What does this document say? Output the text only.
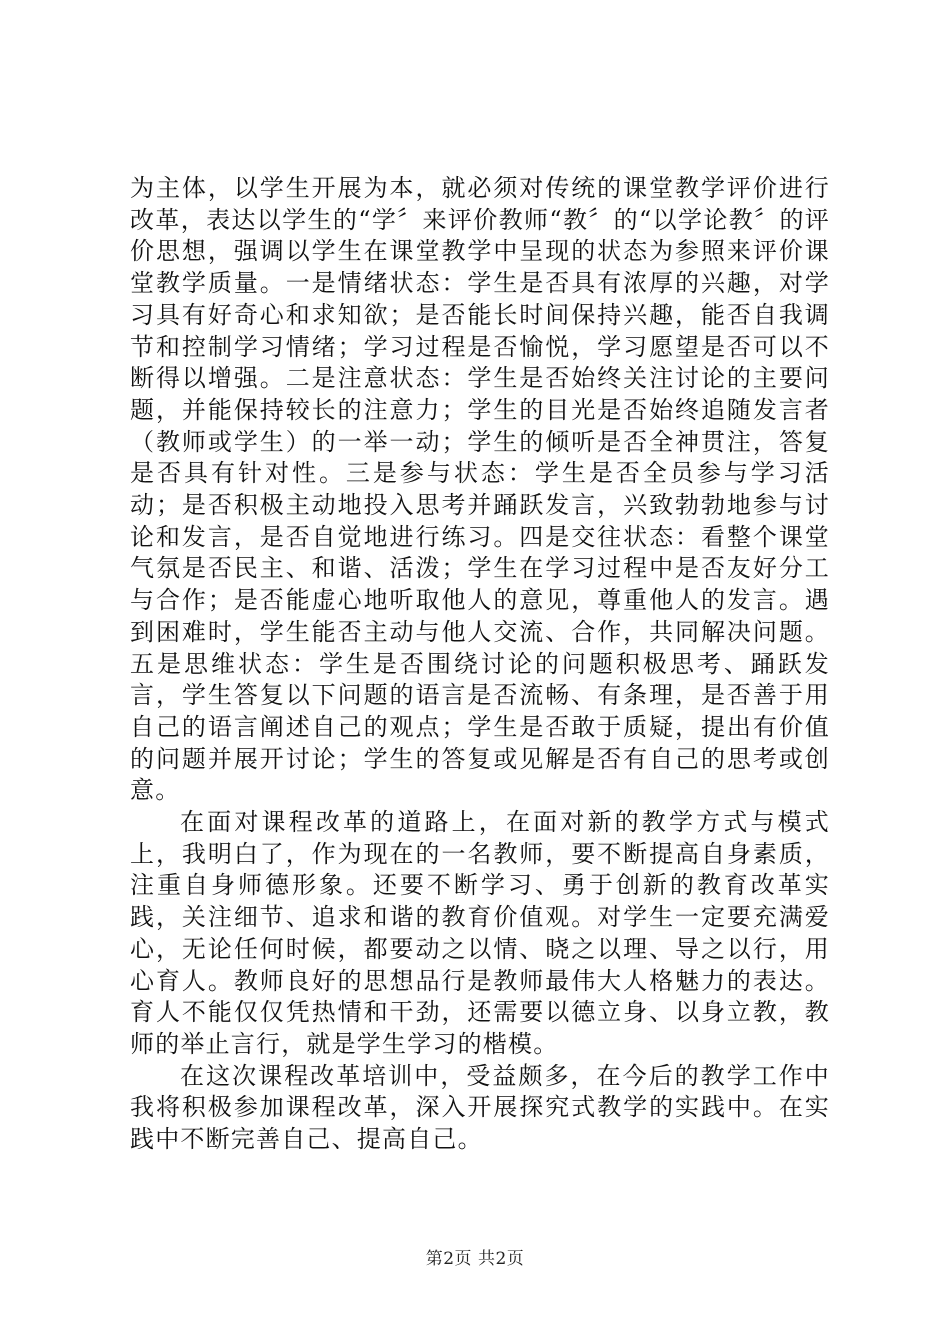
为主体，以学生开展为本，就必须对传统的课堂教学评价进行改革，表达以学生的“学〞来评价教师“教〞的“以学论教〞的评价思想，强调以学生在课堂教学中呈现的状态为参照来评价课堂教学质量。一是情绪状态：学生是否具有浓厚的兴趣，对学习具有好奇心和求知欲；是否能长时间保持兴趣，能否自我调节和控制学习情绪；学习过程是否愉悦，学习愿望是否可以不断得以增强。二是注意状态：学生是否始终关注讨论的主要问题，并能保持较长的注意力；学生的目光是否始终追随发言者（教师或学生）的一举一动；学生的倾听是否全神贯注，答复是否具有针对性。三是参与状态：学生是否全员参与学习活动；是否积极主动地投入思考并踊跃发言，兴致勃勃地参与讨论和发言，是否自觉地进行练习。四是交往状态：看整个课堂气氛是否民主、和谐、活泼；学生在学习过程中是否友好分工与合作；是否能虚心地听取他人的意见，尊重他人的发言。遇到困难时，学生能否主动与他人交流、合作，共同解决问题。五是思维状态：学生是否围绕讨论的问题积极思考、踊跃发言，学生答复以下问题的语言是否流畅、有条理，是否善于用自己的语言阐述自己的观点；学生是否敢于质疑，提出有价值的问题并展开讨论；学生的答复或见解是否有自己的思考或创意。

在面对课程改革的道路上，在面对新的教学方式与模式上，我明白了，作为现在的一名教师，要不断提高自身素质，注重自身师德形象。还要不断学习、勇于创新的教育改革实践，关注细节、追求和谐的教育价值观。对学生一定要充满爱心，无论任何时候，都要动之以情、晓之以理、导之以行，用心育人。教师良好的思想品行是教师最伟大人格魅力的表达。育人不能仅仅凭热情和干劲，还需要以德立身、以身立教，教师的举止言行，就是学生学习的楷模。

在这次课程改革培训中，受益颇多，在今后的教学工作中我将积极参加课程改革，深入开展探究式教学的实践中。在实践中不断完善自己、提高自己。

第2页 共2页
